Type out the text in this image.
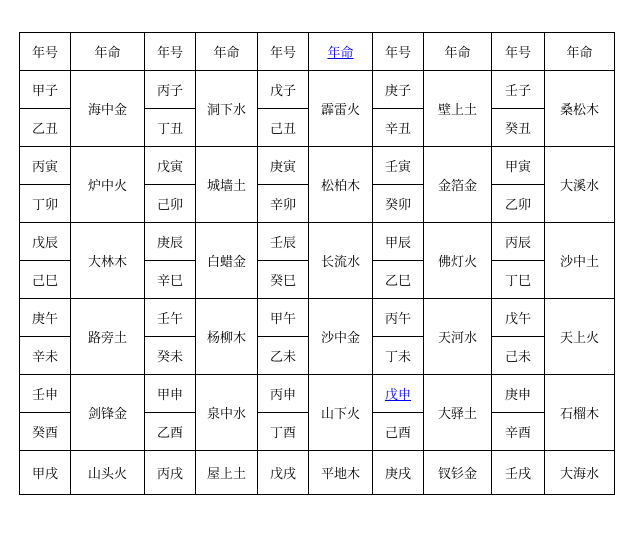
年号	年命	年号	年命	年号	年命	年号	年命	年号	年命
甲子	海中金	丙子	洞下水	戊子	霹雷火	庚子	壁上土	壬子	桑松木
乙丑		丁丑		己丑		辛丑		癸丑	
丙寅	炉中火	戊寅	城墙土	庚寅	松柏木	壬寅	金箔金	甲寅	大溪水
丁卯		己卯		辛卯		癸卯		乙卯	
戊辰	大林木	庚辰	白蜡金	壬辰	长流水	甲辰	佛灯火	丙辰	沙中土
己巳		辛巳		癸巳		乙巳		丁巳	
庚午	路旁土	壬午	杨柳木	甲午	沙中金	丙午	天河水	戊午	天上火
辛未		癸未		乙未		丁未		己未	
壬申	剑锋金	甲申	泉中水	丙申	山下火	戊申	大驿土	庚申	石榴木
癸酉		乙酉		丁酉		己酉		辛酉	
甲戌	山头火	丙戌	屋上土	戊戌	平地木	庚戌	钗钐金	壬戌	大海水
